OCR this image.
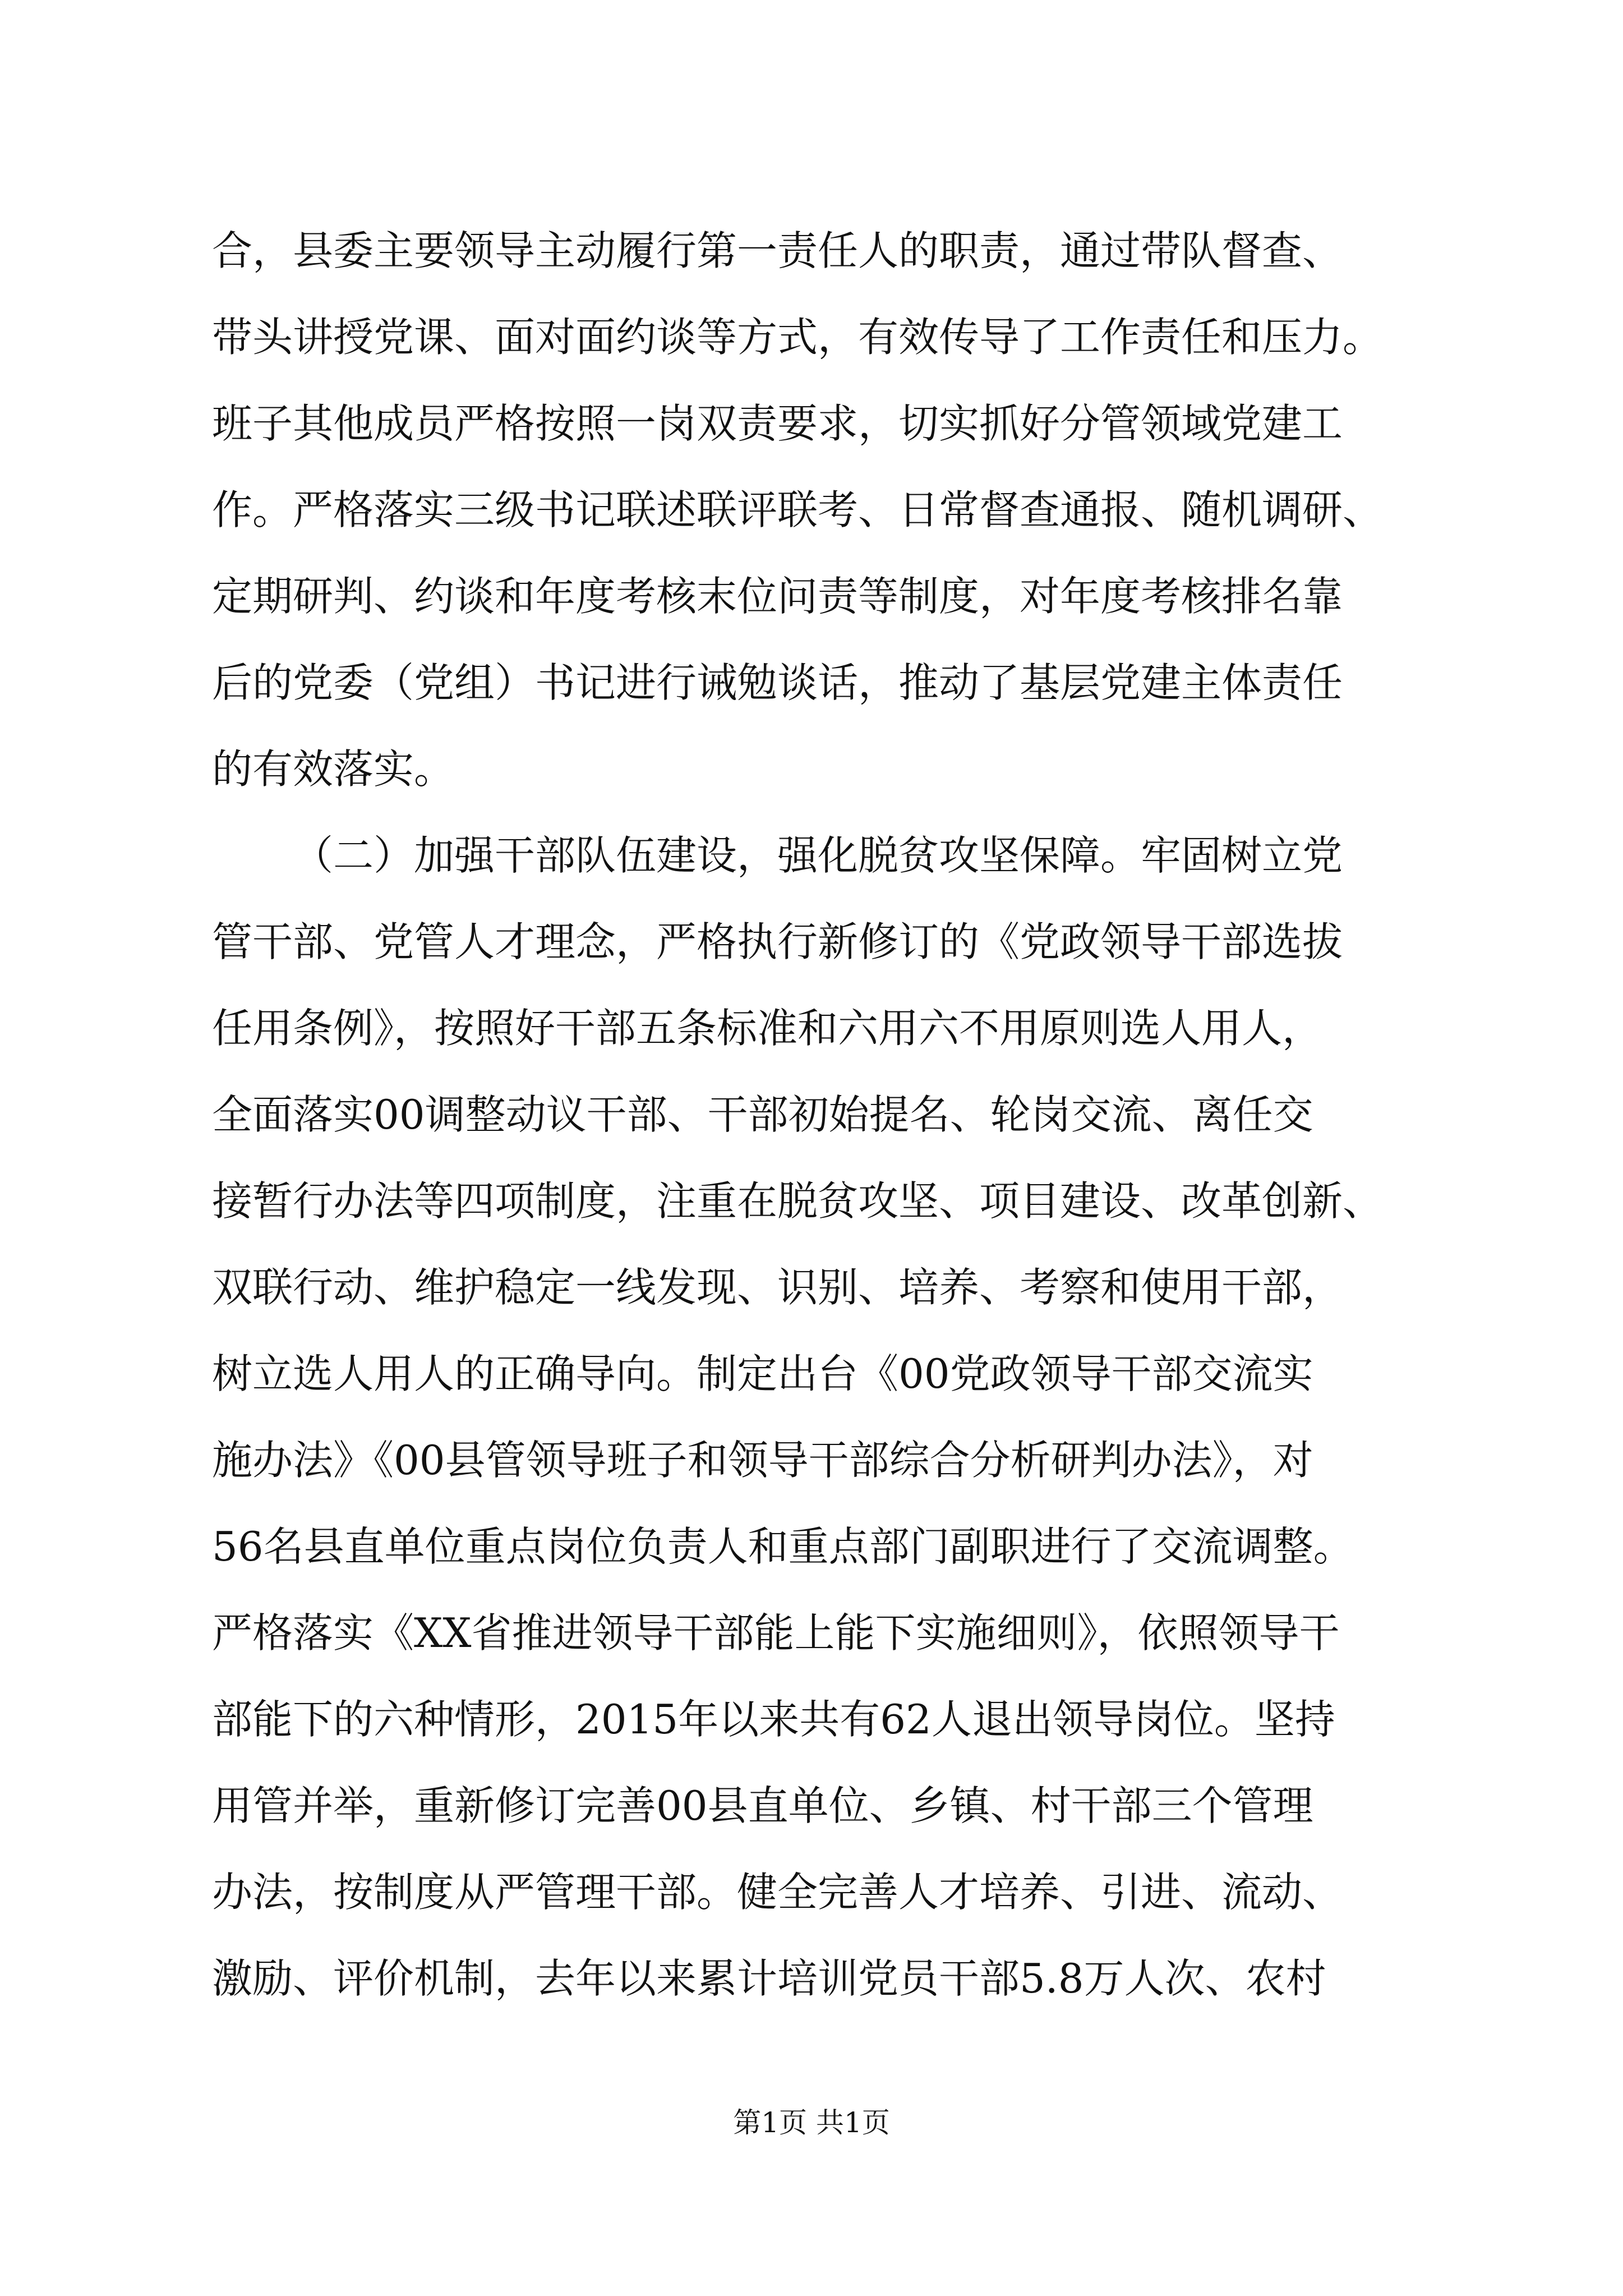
合，县委主要领导主动履行第一责任人的职责，通过带队督查、
带头讲授党课、面对面约谈等方式，有效传导了工作责任和压力。
班子其他成员严格按照一岗双责要求，切实抓好分管领域党建工
作。严格落实三级书记联述联评联考、日常督查通报、随机调研、
定期研判、约谈和年度考核末位问责等制度，对年度考核排名靠
后的党委（党组）书记进行诫勉谈话，推动了基层党建主体责任
的有效落实。
（二）加强干部队伍建设，强化脱贫攻坚保障。牢固树立党
管干部、党管人才理念，严格执行新修订的《党政领导干部选拔
任用条例》，按照好干部五条标准和六用六不用原则选人用人，
全面落实00调整动议干部、干部初始提名、轮岗交流、离任交
接暂行办法等四项制度，注重在脱贫攻坚、项目建设、改革创新、
双联行动、维护稳定一线发现、识别、培养、考察和使用干部，
树立选人用人的正确导向。制定出台《00党政领导干部交流实
施办法》《00县管领导班子和领导干部综合分析研判办法》，对
56名县直单位重点岗位负责人和重点部门副职进行了交流调整。
严格落实《XX省推进领导干部能上能下实施细则》，依照领导干
部能下的六种情形，2015年以来共有62人退出领导岗位。坚持
用管并举，重新修订完善00县直单位、乡镇、村干部三个管理
办法，按制度从严管理干部。健全完善人才培养、引进、流动、
激励、评价机制，去年以来累计培训党员干部5.8万人次、农村
第1页 共1页
